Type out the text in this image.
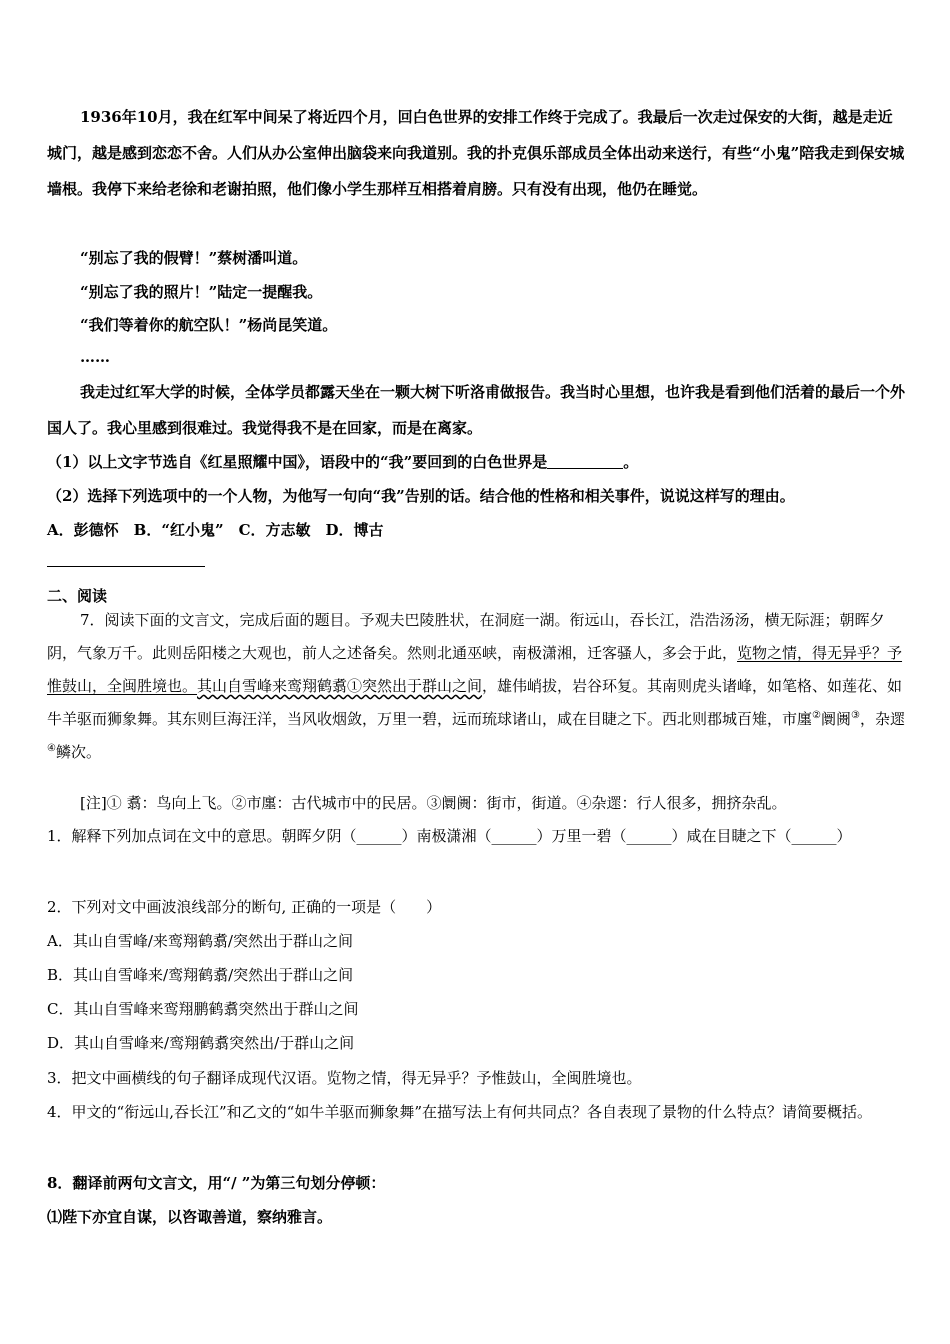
1936年10月，我在红军中间呆了将近四个月，回白色世界的安排工作终于完成了。我最后一次走过保安的大街，越是走近城门，越是感到恋恋不舍。人们从办公室伸出脑袋来向我道别。我的扑克俱乐部成员全体出动来送行，有些“小鬼”陪我走到保安城墙根。我停下来给老徐和老谢拍照，他们像小学生那样互相搭着肩膀。只有没有出现，他仍在睡觉。

“别忘了我的假臂！”蔡树潘叫道。

“别忘了我的照片！”陆定一提醒我。

“我们等着你的航空队！”杨尚昆笑道。

……

我走过红军大学的时候，全体学员都露天坐在一颗大树下听洛甫做报告。我当时心里想，也许我是看到他们活着的最后一个外国人了。我心里感到很难过。我觉得我不是在回家，而是在离家。

（1）以上文字节选自《红星照耀中国》，语段中的“我”要回到的白色世界是	。

（2）选择下列选项中的一个人物，为他写一句向“我”告别的话。结合他的性格和相关事件，说说这样写的理由。

A．彭德怀　B．“红小鬼”　C．方志敏　D．博古

二、阅读

7．阅读下面的文言文，完成后面的题目。予观夫巴陵胜状，在洞庭一湖。衔远山，吞长江，浩浩汤汤，横无际涯；朝晖夕阴，气象万千。此则岳阳楼之大观也，前人之述备矣。然则北通巫峡，南极潇湘，迁客骚人，多会于此，览物之情，得无异乎？予惟鼓山，全闽胜境也。其山自雪峰来鸾翔鹤翥①突然出于群山之间，雄伟峭拔，岩谷环复。其南则虎头诸峰，如笔格、如莲花、如牛羊驱而狮象舞。其东则巨海汪洋，当风收烟敛，万里一碧，远而琉球诸山，咸在目睫之下。西北则郡城百雉，市廛②阛阓③，杂遝④鳞次。

[注]① 翥：鸟向上飞。②市廛：古代城市中的民居。③阛阓：街市，街道。④杂遝：行人很多，拥挤杂乱。

1．解释下列加点词在文中的意思。朝晖夕阴（______）南极潇湘（______）万里一碧（______）咸在目睫之下（______）

2．下列对文中画波浪线部分的断句, 正确的一项是（　　）

A．其山自雪峰/来鸾翔鹤翥/突然出于群山之间

B．其山自雪峰来/鸾翔鹤翥/突然出于群山之间

C．其山自雪峰来鸾翔鹏鹤翥突然出于群山之间

D．其山自雪峰来/鸾翔鹤翥突然出/于群山之间

3．把文中画横线的句子翻译成现代汉语。览物之情，得无异乎？予惟鼓山，全闽胜境也。

4．甲文的“衔远山,吞长江”和乙文的“如牛羊驱而狮象舞”在描写法上有何共同点？各自表现了景物的什么特点？请简要概括。

8．翻译前两句文言文，用“/ ”为第三句划分停顿：

⑴陛下亦宜自谋，以咨诹善道，察纳雅言。
